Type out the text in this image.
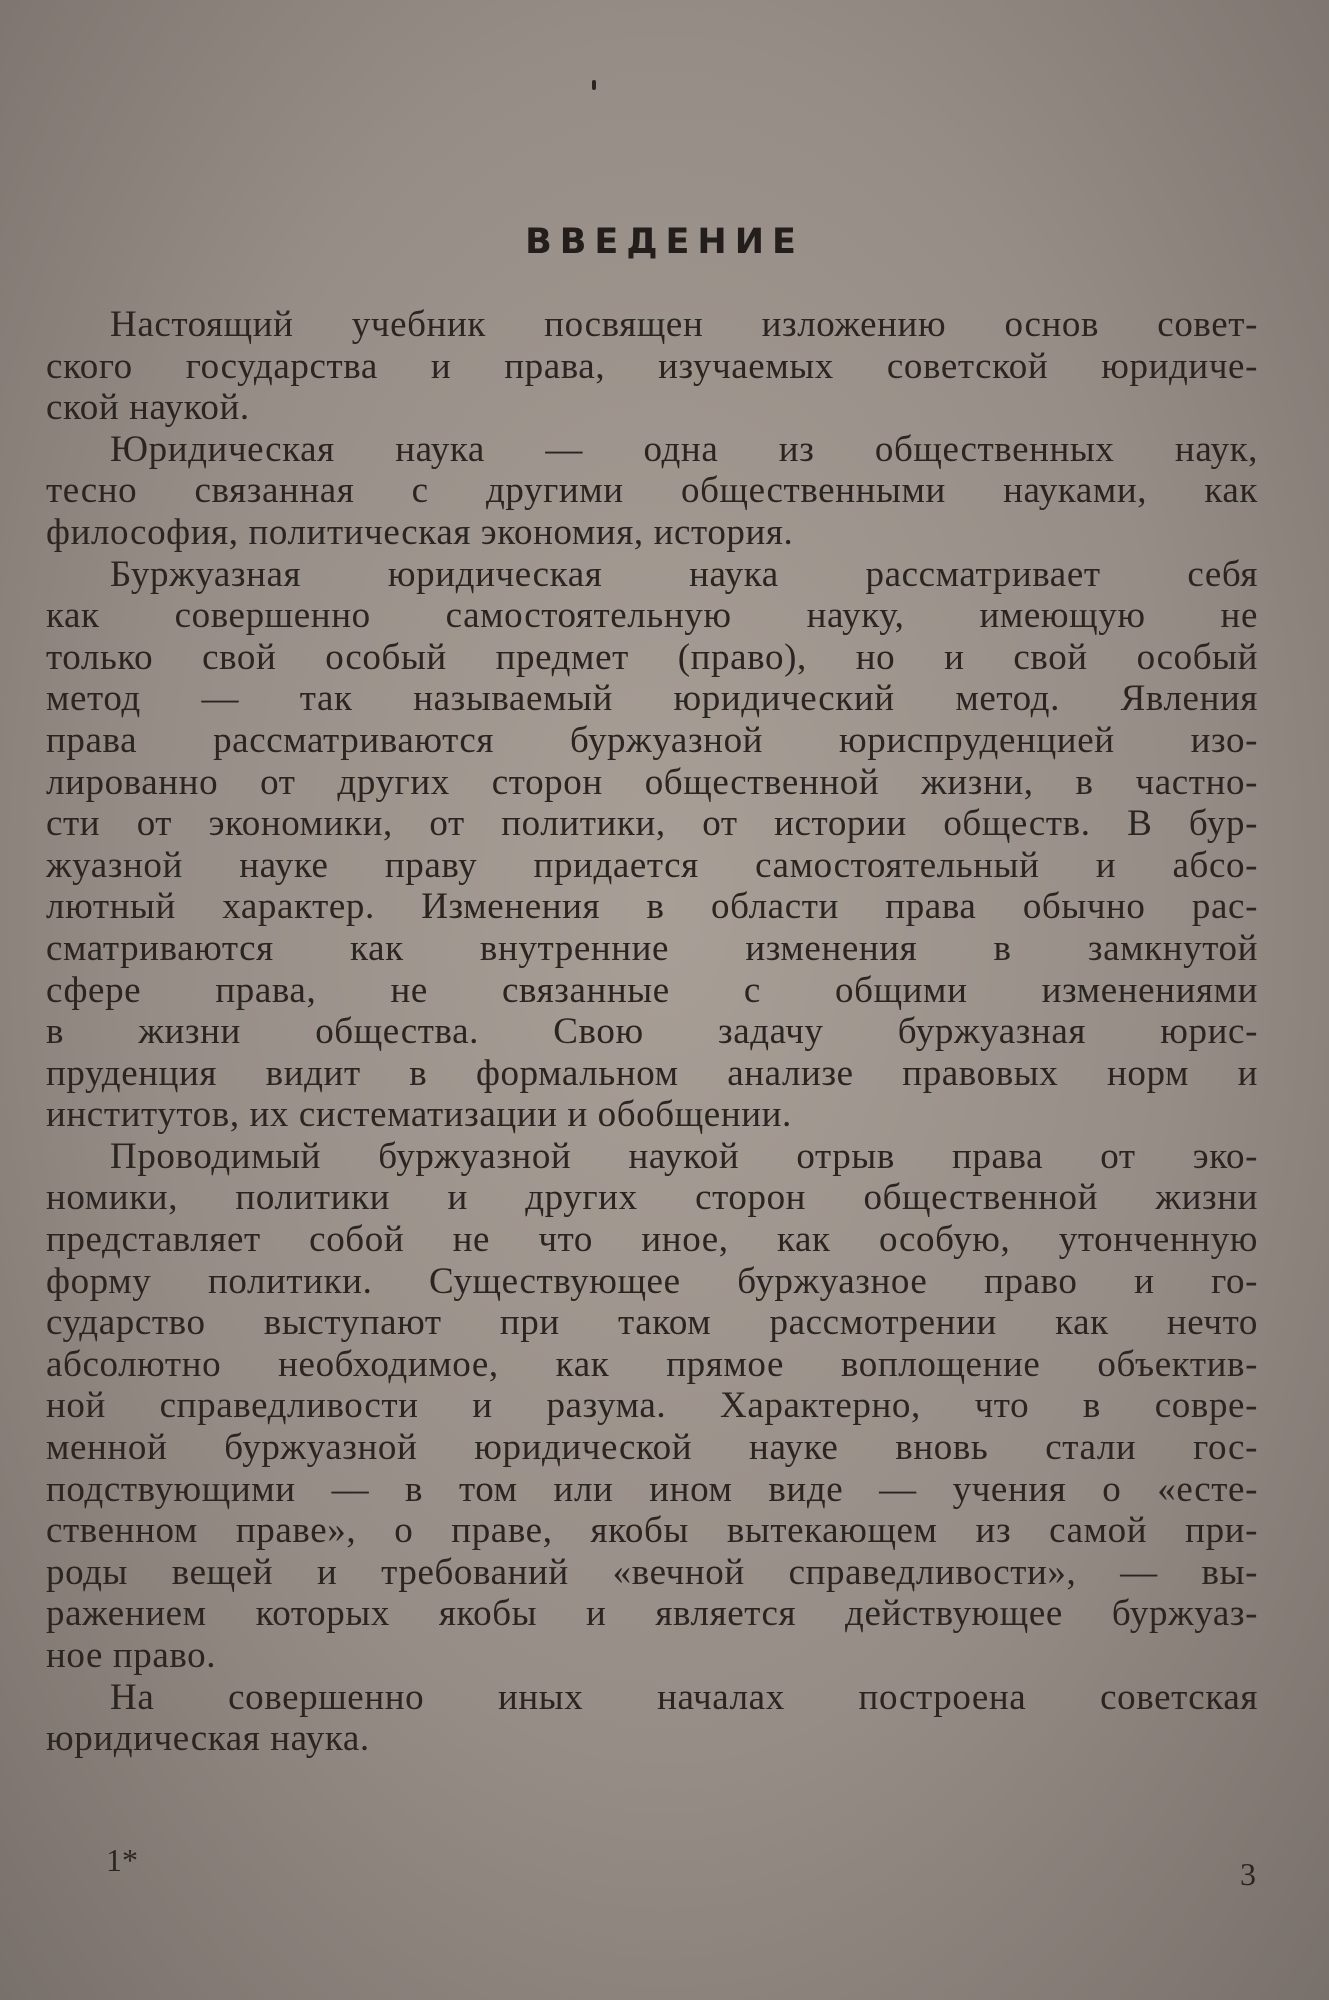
ВВЕДЕНИЕ
Настоящий учебник посвящен изложению основ совет-
ского государства и права, изучаемых советской юридиче-
ской наукой.
Юридическая наука — одна из общественных наук,
тесно связанная с другими общественными науками, как
философия, политическая экономия, история.
Буржуазная юридическая наука рассматривает себя
как совершенно самостоятельную науку, имеющую не
только свой особый предмет (право), но и свой особый
метод — так называемый юридический метод. Явления
права рассматриваются буржуазной юриспруденцией изо-
лированно от других сторон общественной жизни, в частно-
сти от экономики, от политики, от истории обществ. В бур-
жуазной науке праву придается самостоятельный и абсо-
лютный характер. Изменения в области права обычно рас-
сматриваются как внутренние изменения в замкнутой
сфере права, не связанные с общими изменениями
в жизни общества. Свою задачу буржуазная юрис-
пруденция видит в формальном анализе правовых норм и
институтов, их систематизации и обобщении.
Проводимый буржуазной наукой отрыв права от эко-
номики, политики и других сторон общественной жизни
представляет собой не что иное, как особую, утонченную
форму политики. Существующее буржуазное право и го-
сударство выступают при таком рассмотрении как нечто
абсолютно необходимое, как прямое воплощение объектив-
ной справедливости и разума. Характерно, что в совре-
менной буржуазной юридической науке вновь стали гос-
подствующими — в том или ином виде — учения о «есте-
ственном праве», о праве, якобы вытекающем из самой при-
роды вещей и требований «вечной справедливости», — вы-
ражением которых якобы и является действующее буржуаз-
ное право.
На совершенно иных началах построена советская
юридическая наука.
1*	3
